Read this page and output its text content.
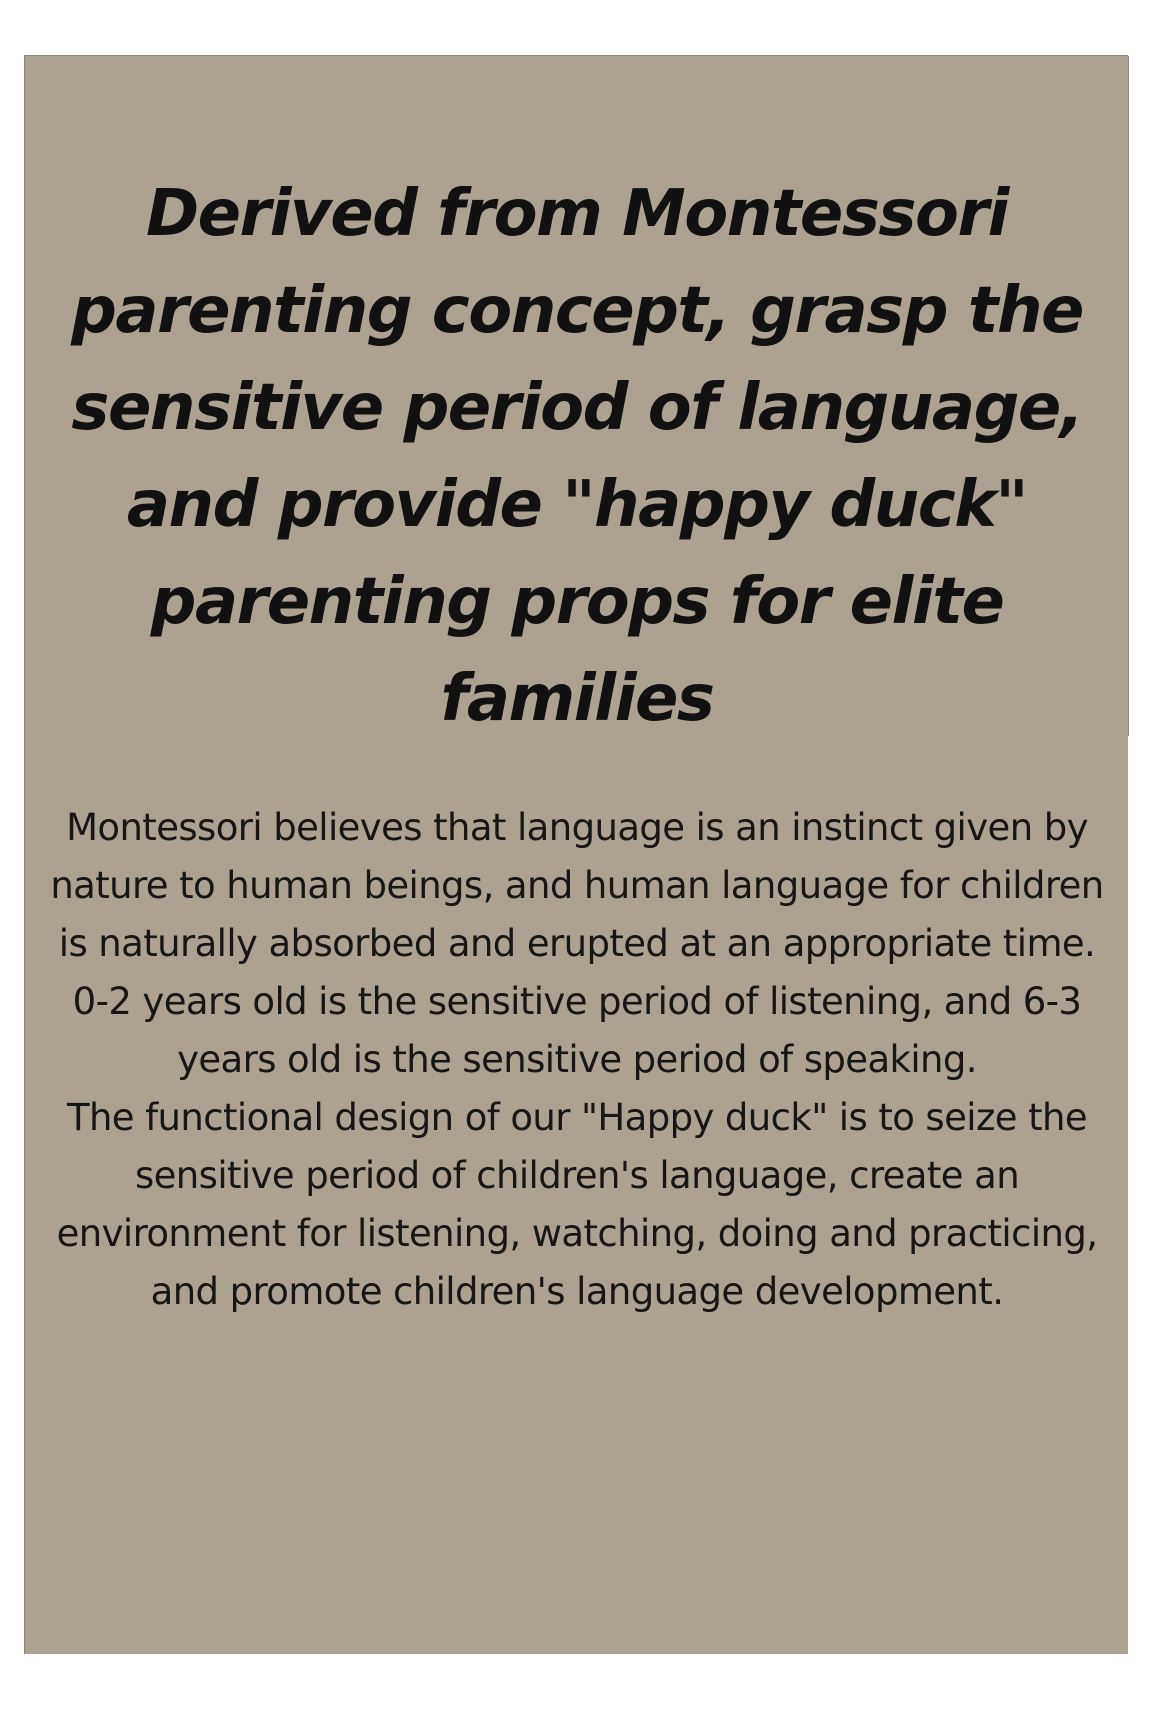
Derived from Montessori parenting concept, grasp the sensitive period of language, and provide "happy duck" parenting props for elite families

Montessori believes that language is an instinct given by nature to human beings, and human language for children is naturally absorbed and erupted at an appropriate time.

0-2 years old is the sensitive period of listening, and 6-3 years old is the sensitive period of speaking.

The functional design of our "Happy duck" is to seize the sensitive period of children's language, create an environment for listening, watching, doing and practicing, and promote children's language development.
